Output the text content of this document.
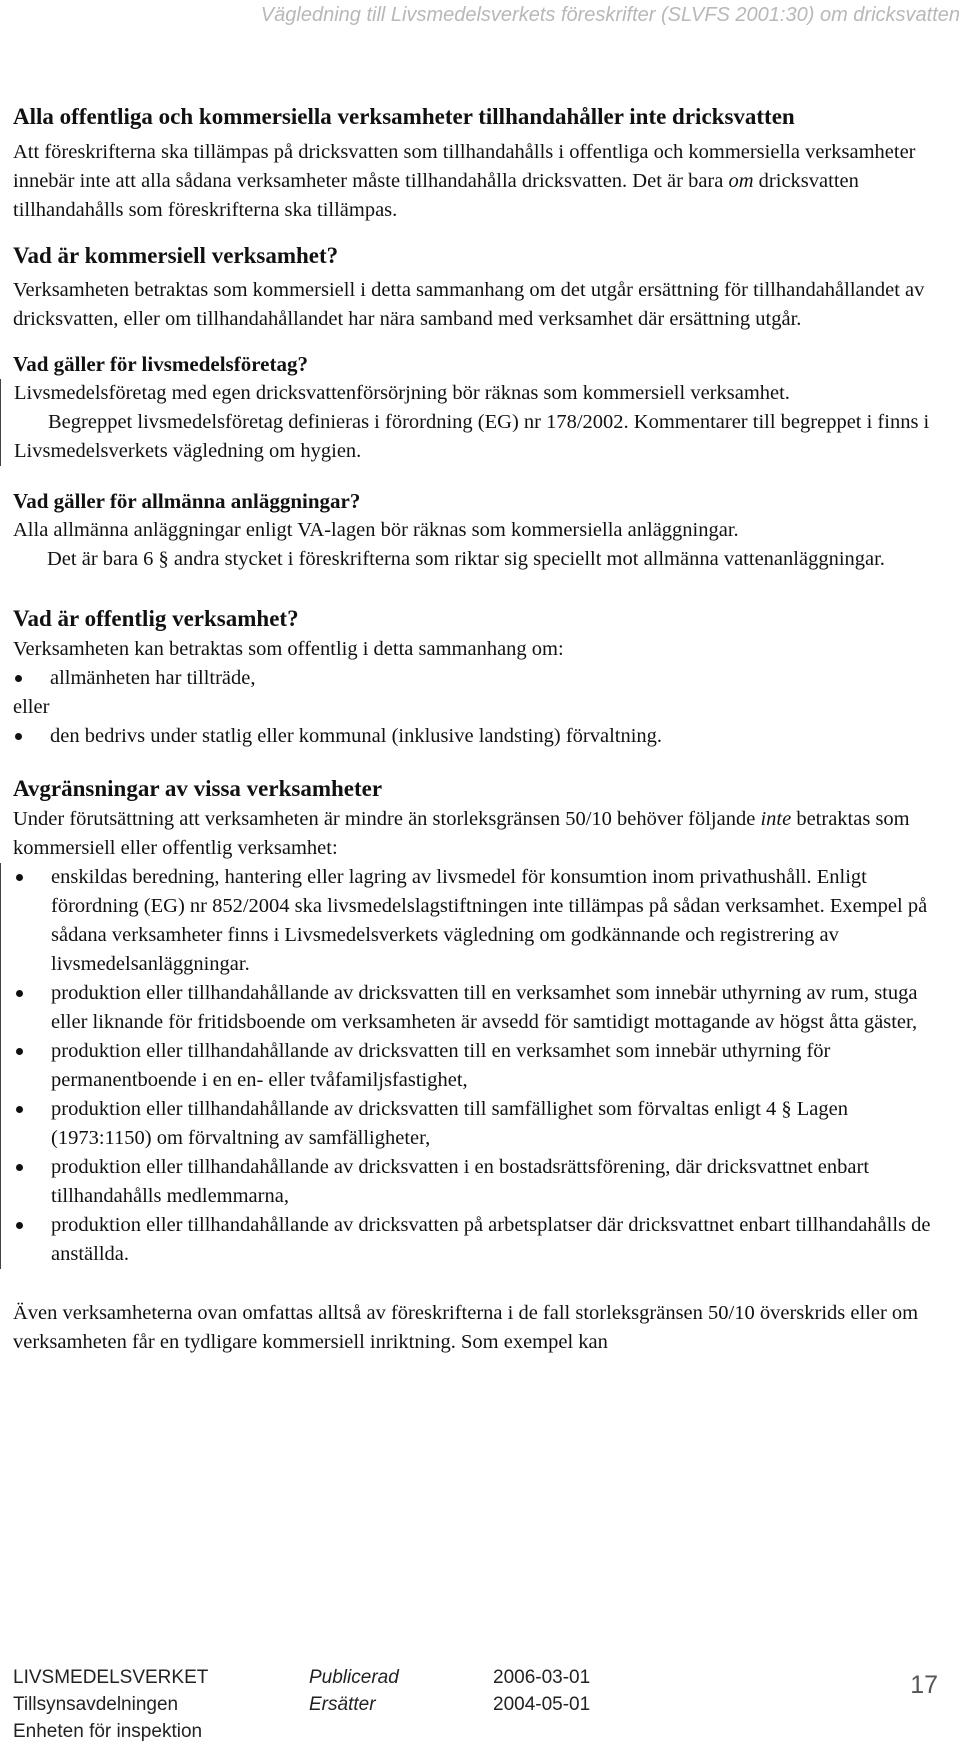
Vägledning till Livsmedelsverkets föreskrifter (SLVFS 2001:30) om dricksvatten
Alla offentliga och kommersiella verksamheter tillhandahåller inte dricksvatten

Att föreskrifterna ska tillämpas på dricksvatten som tillhandahålls i offentliga och kommersiella verksamheter innebär inte att alla sådana verksamheter måste tillhandahålla dricksvatten. Det är bara om dricksvatten tillhandahålls som föreskrifterna ska tillämpas.

Vad är kommersiell verksamhet?

Verksamheten betraktas som kommersiell i detta sammanhang om det utgår ersättning för tillhandahållandet av dricksvatten, eller om tillhandahållandet har nära samband med verksamhet där ersättning utgår.

Vad gäller för livsmedelsföretag?

Livsmedelsföretag med egen dricksvattenförsörjning bör räknas som kommersiell verksamhet.

Begreppet livsmedelsföretag definieras i förordning (EG) nr 178/2002. Kommentarer till begreppet i finns i Livsmedelsverkets vägledning om hygien.

Vad gäller för allmänna anläggningar?

Alla allmänna anläggningar enligt VA-lagen bör räknas som kommersiella anläggningar.

Det är bara 6 § andra stycket i föreskrifterna som riktar sig speciellt mot allmänna vattenanläggningar.

Vad är offentlig verksamhet?

Verksamheten kan betraktas som offentlig i detta sammanhang om:

allmänheten har tillträde,

eller

den bedrivs under statlig eller kommunal (inklusive landsting) förvaltning.
Avgränsningar av vissa verksamheter

Under förutsättning att verksamheten är mindre än storleksgränsen 50/10 behöver följande inte betraktas som kommersiell eller offentlig verksamhet:

enskildas beredning, hantering eller lagring av livsmedel för konsumtion inom privathushåll. Enligt förordning (EG) nr 852/2004 ska livsmedelslagstiftningen inte tillämpas på sådan verksamhet. Exempel på sådana verksamheter finns i Livsmedelsverkets vägledning om godkännande och registrering av livsmedelsanläggningar.
produktion eller tillhandahållande av dricksvatten till en verksamhet som innebär uthyrning av rum, stuga eller liknande för fritidsboende om verksamheten är avsedd för samtidigt mottagande av högst åtta gäster,
produktion eller tillhandahållande av dricksvatten till en verksamhet som innebär uthyrning för permanentboende i en en- eller tvåfamiljsfastighet,
produktion eller tillhandahållande av dricksvatten till samfällighet som förvaltas enligt 4 § Lagen (1973:1150) om förvaltning av samfälligheter,
produktion eller tillhandahållande av dricksvatten i en bostadsrättsförening, där dricksvattnet enbart tillhandahålls medlemmarna,
produktion eller tillhandahållande av dricksvatten på arbetsplatser där dricksvattnet enbart tillhandahålls de anställda.

Även verksamheterna ovan omfattas alltså av föreskrifterna i de fall storleksgränsen 50/10 överskrids eller om verksamheten får en tydligare kommersiell inriktning. Som exempel kan

LIVSMEDELSVERKET
Tillsynsavdelningen
Enheten för inspektion
Publicerad
Ersätter
2006-03-01
2004-05-01
17
